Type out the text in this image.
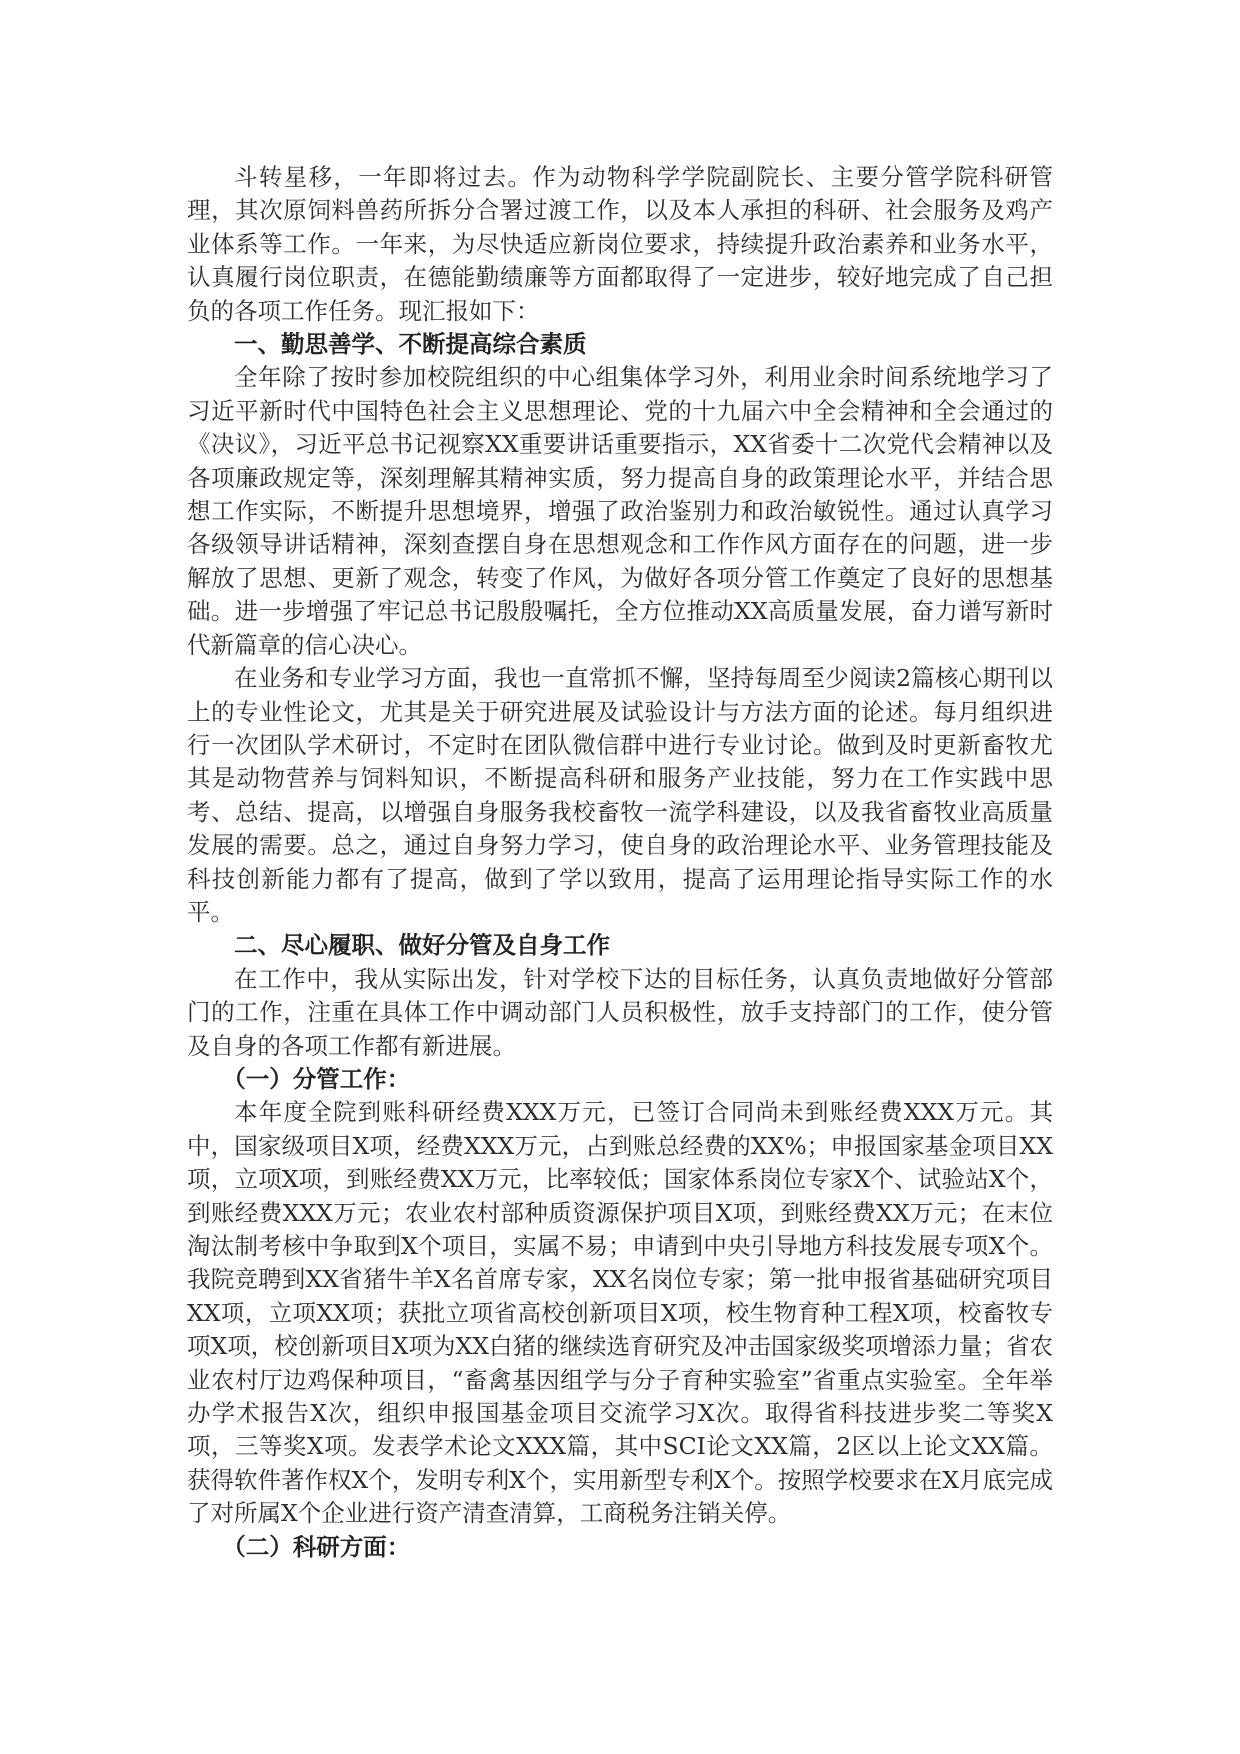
斗转星移，一年即将过去。作为动物科学学院副院长、主要分管学院科研管理，其次原饲料兽药所拆分合署过渡工作，以及本人承担的科研、社会服务及鸡产业体系等工作。一年来，为尽快适应新岗位要求，持续提升政治素养和业务水平，认真履行岗位职责，在德能勤绩廉等方面都取得了一定进步，较好地完成了自己担负的各项工作任务。现汇报如下：

一、勤思善学、不断提高综合素质

全年除了按时参加校院组织的中心组集体学习外，利用业余时间系统地学习了习近平新时代中国特色社会主义思想理论、党的十九届六中全会精神和全会通过的《决议》，习近平总书记视察XX重要讲话重要指示，XX省委十二次党代会精神以及各项廉政规定等，深刻理解其精神实质，努力提高自身的政策理论水平，并结合思想工作实际，不断提升思想境界，增强了政治鉴别力和政治敏锐性。通过认真学习各级领导讲话精神，深刻查摆自身在思想观念和工作作风方面存在的问题，进一步解放了思想、更新了观念，转变了作风，为做好各项分管工作奠定了良好的思想基础。进一步增强了牢记总书记殷殷嘱托，全方位推动XX高质量发展，奋力谱写新时代新篇章的信心决心。

在业务和专业学习方面，我也一直常抓不懈，坚持每周至少阅读2篇核心期刊以上的专业性论文，尤其是关于研究进展及试验设计与方法方面的论述。每月组织进行一次团队学术研讨，不定时在团队微信群中进行专业讨论。做到及时更新畜牧尤其是动物营养与饲料知识，不断提高科研和服务产业技能，努力在工作实践中思考、总结、提高，以增强自身服务我校畜牧一流学科建设，以及我省畜牧业高质量发展的需要。总之，通过自身努力学习，使自身的政治理论水平、业务管理技能及科技创新能力都有了提高，做到了学以致用，提高了运用理论指导实际工作的水平。

二、尽心履职、做好分管及自身工作

在工作中，我从实际出发，针对学校下达的目标任务，认真负责地做好分管部门的工作，注重在具体工作中调动部门人员积极性，放手支持部门的工作，使分管及自身的各项工作都有新进展。

（一）分管工作：

本年度全院到账科研经费XXX万元，已签订合同尚未到账经费XXX万元。其中，国家级项目X项，经费XXX万元，占到账总经费的XX%；申报国家基金项目XX项，立项X项，到账经费XX万元，比率较低；国家体系岗位专家X个、试验站X个，到账经费XXX万元；农业农村部种质资源保护项目X项，到账经费XX万元；在末位淘汰制考核中争取到X个项目，实属不易；申请到中央引导地方科技发展专项X个。我院竞聘到XX省猪牛羊X名首席专家，XX名岗位专家；第一批申报省基础研究项目XX项，立项XX项；获批立项省高校创新项目X项，校生物育种工程X项，校畜牧专项X项，校创新项目X项为XX白猪的继续选育研究及冲击国家级奖项增添力量；省农业农村厅边鸡保种项目，“畜禽基因组学与分子育种实验室”省重点实验室。全年举办学术报告X次，组织申报国基金项目交流学习X次。取得省科技进步奖二等奖X项，三等奖X项。发表学术论文XXX篇，其中SCI论文XX篇，2区以上论文XX篇。获得软件著作权X个，发明专利X个，实用新型专利X个。按照学校要求在X月底完成了对所属X个企业进行资产清查清算，工商税务注销关停。

（二）科研方面：
